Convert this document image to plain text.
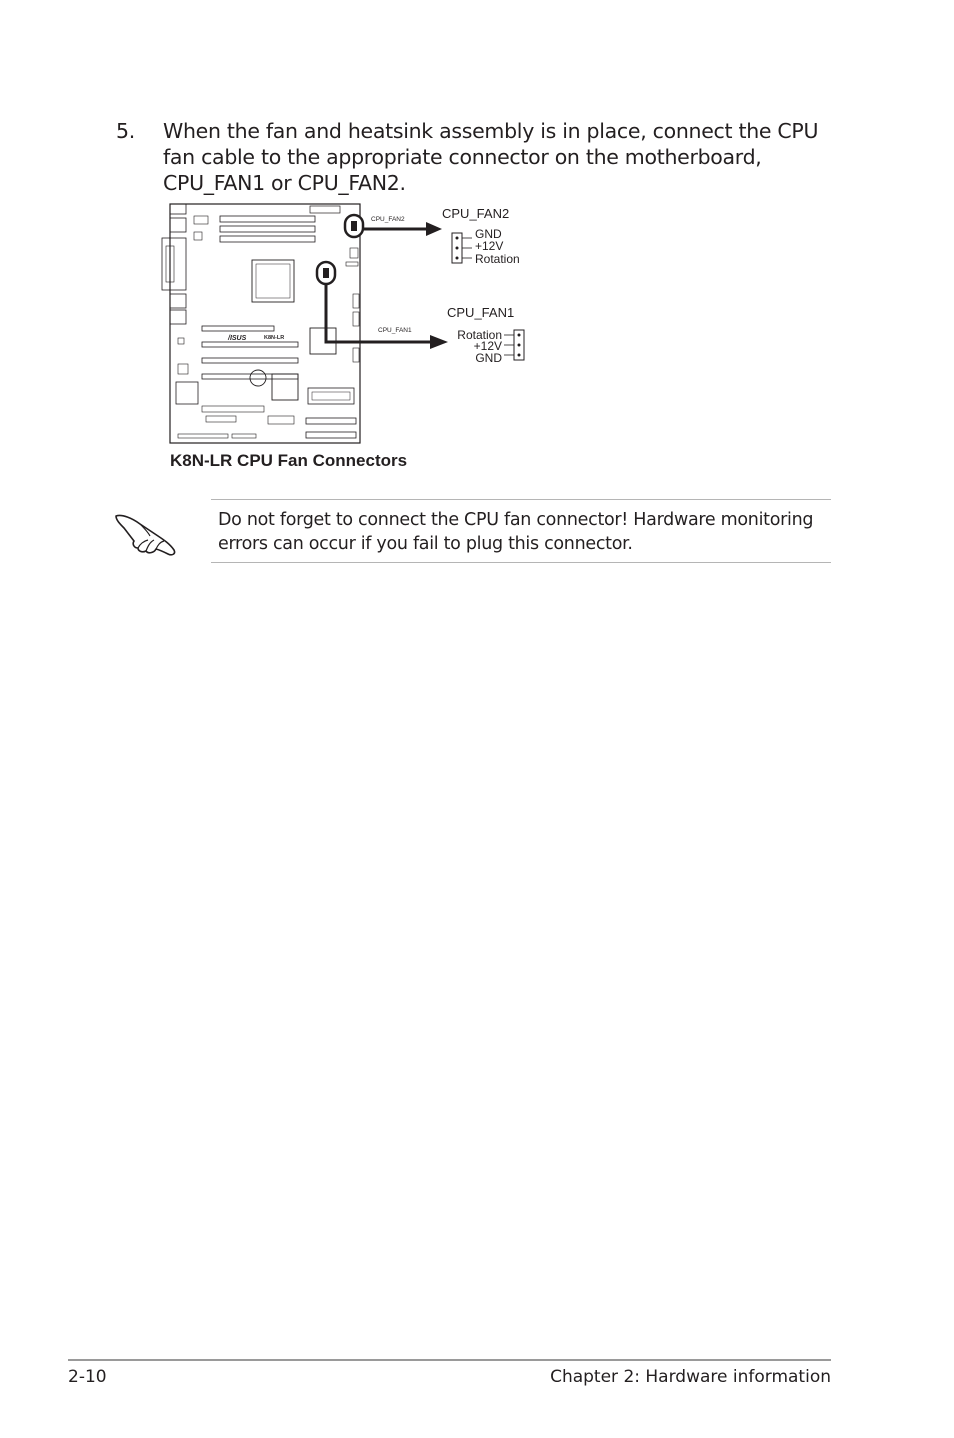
5. When the fan and heatsink assembly is in place, connect the CPU fan cable to the appropriate connector on the motherboard, CPU_FAN1 or CPU_FAN2.
/ISUS	K8N-LR
CPU_FAN2
CPU_FAN1
CPU_FAN2
GND
+12V
Rotation
CPU_FAN1
Rotation
+12V
GND
K8N-LR CPU Fan Connectors
Do not forget to connect the CPU fan connector! Hardware monitoring errors can occur if you fail to plug this connector.
2-10	Chapter 2: Hardware information
